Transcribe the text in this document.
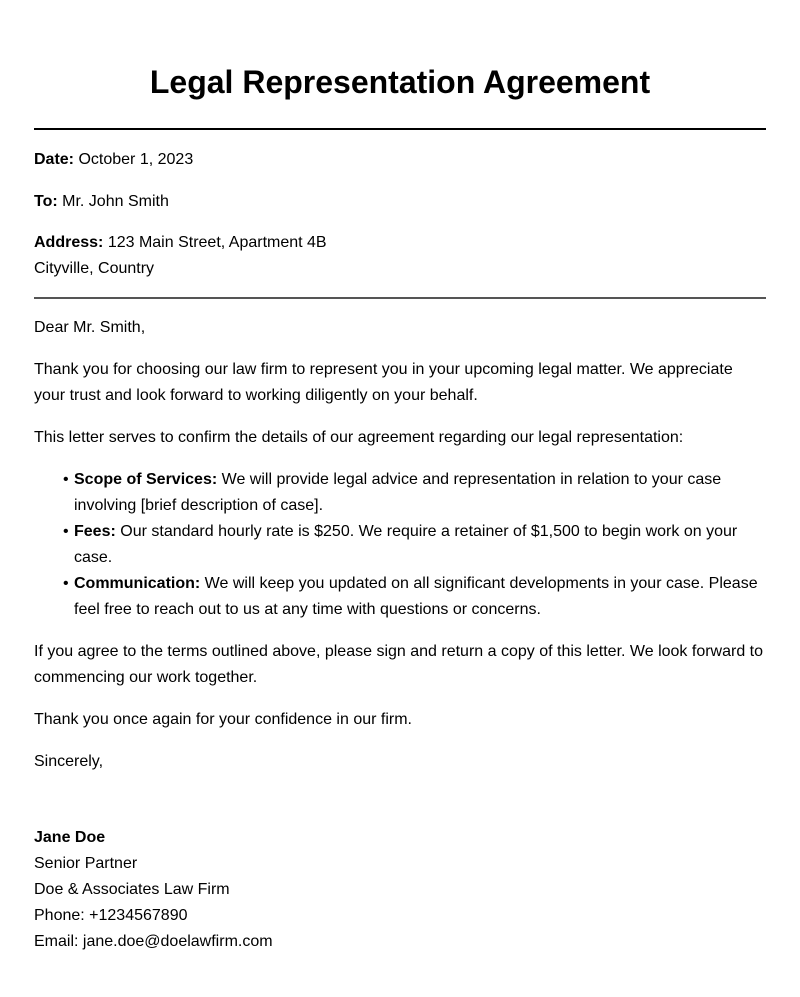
Legal Representation Agreement

Date: October 1, 2023

To: Mr. John Smith

Address: 123 Main Street, Apartment 4B
Cityville, Country

Dear Mr. Smith,

Thank you for choosing our law firm to represent you in your upcoming legal matter. We appreciate your trust and look forward to working diligently on your behalf.

This letter serves to confirm the details of our agreement regarding our legal representation:

• Scope of Services: We will provide legal advice and representation in relation to your case involving [brief description of case].
• Fees: Our standard hourly rate is $250. We require a retainer of $1,500 to begin work on your case.
• Communication: We will keep you updated on all significant developments in your case. Please feel free to reach out to us at any time with questions or concerns.

If you agree to the terms outlined above, please sign and return a copy of this letter. We look forward to commencing our work together.

Thank you once again for your confidence in our firm.

Sincerely,

Jane Doe
Senior Partner
Doe & Associates Law Firm
Phone: +1234567890
Email: jane.doe@doelawfirm.com
